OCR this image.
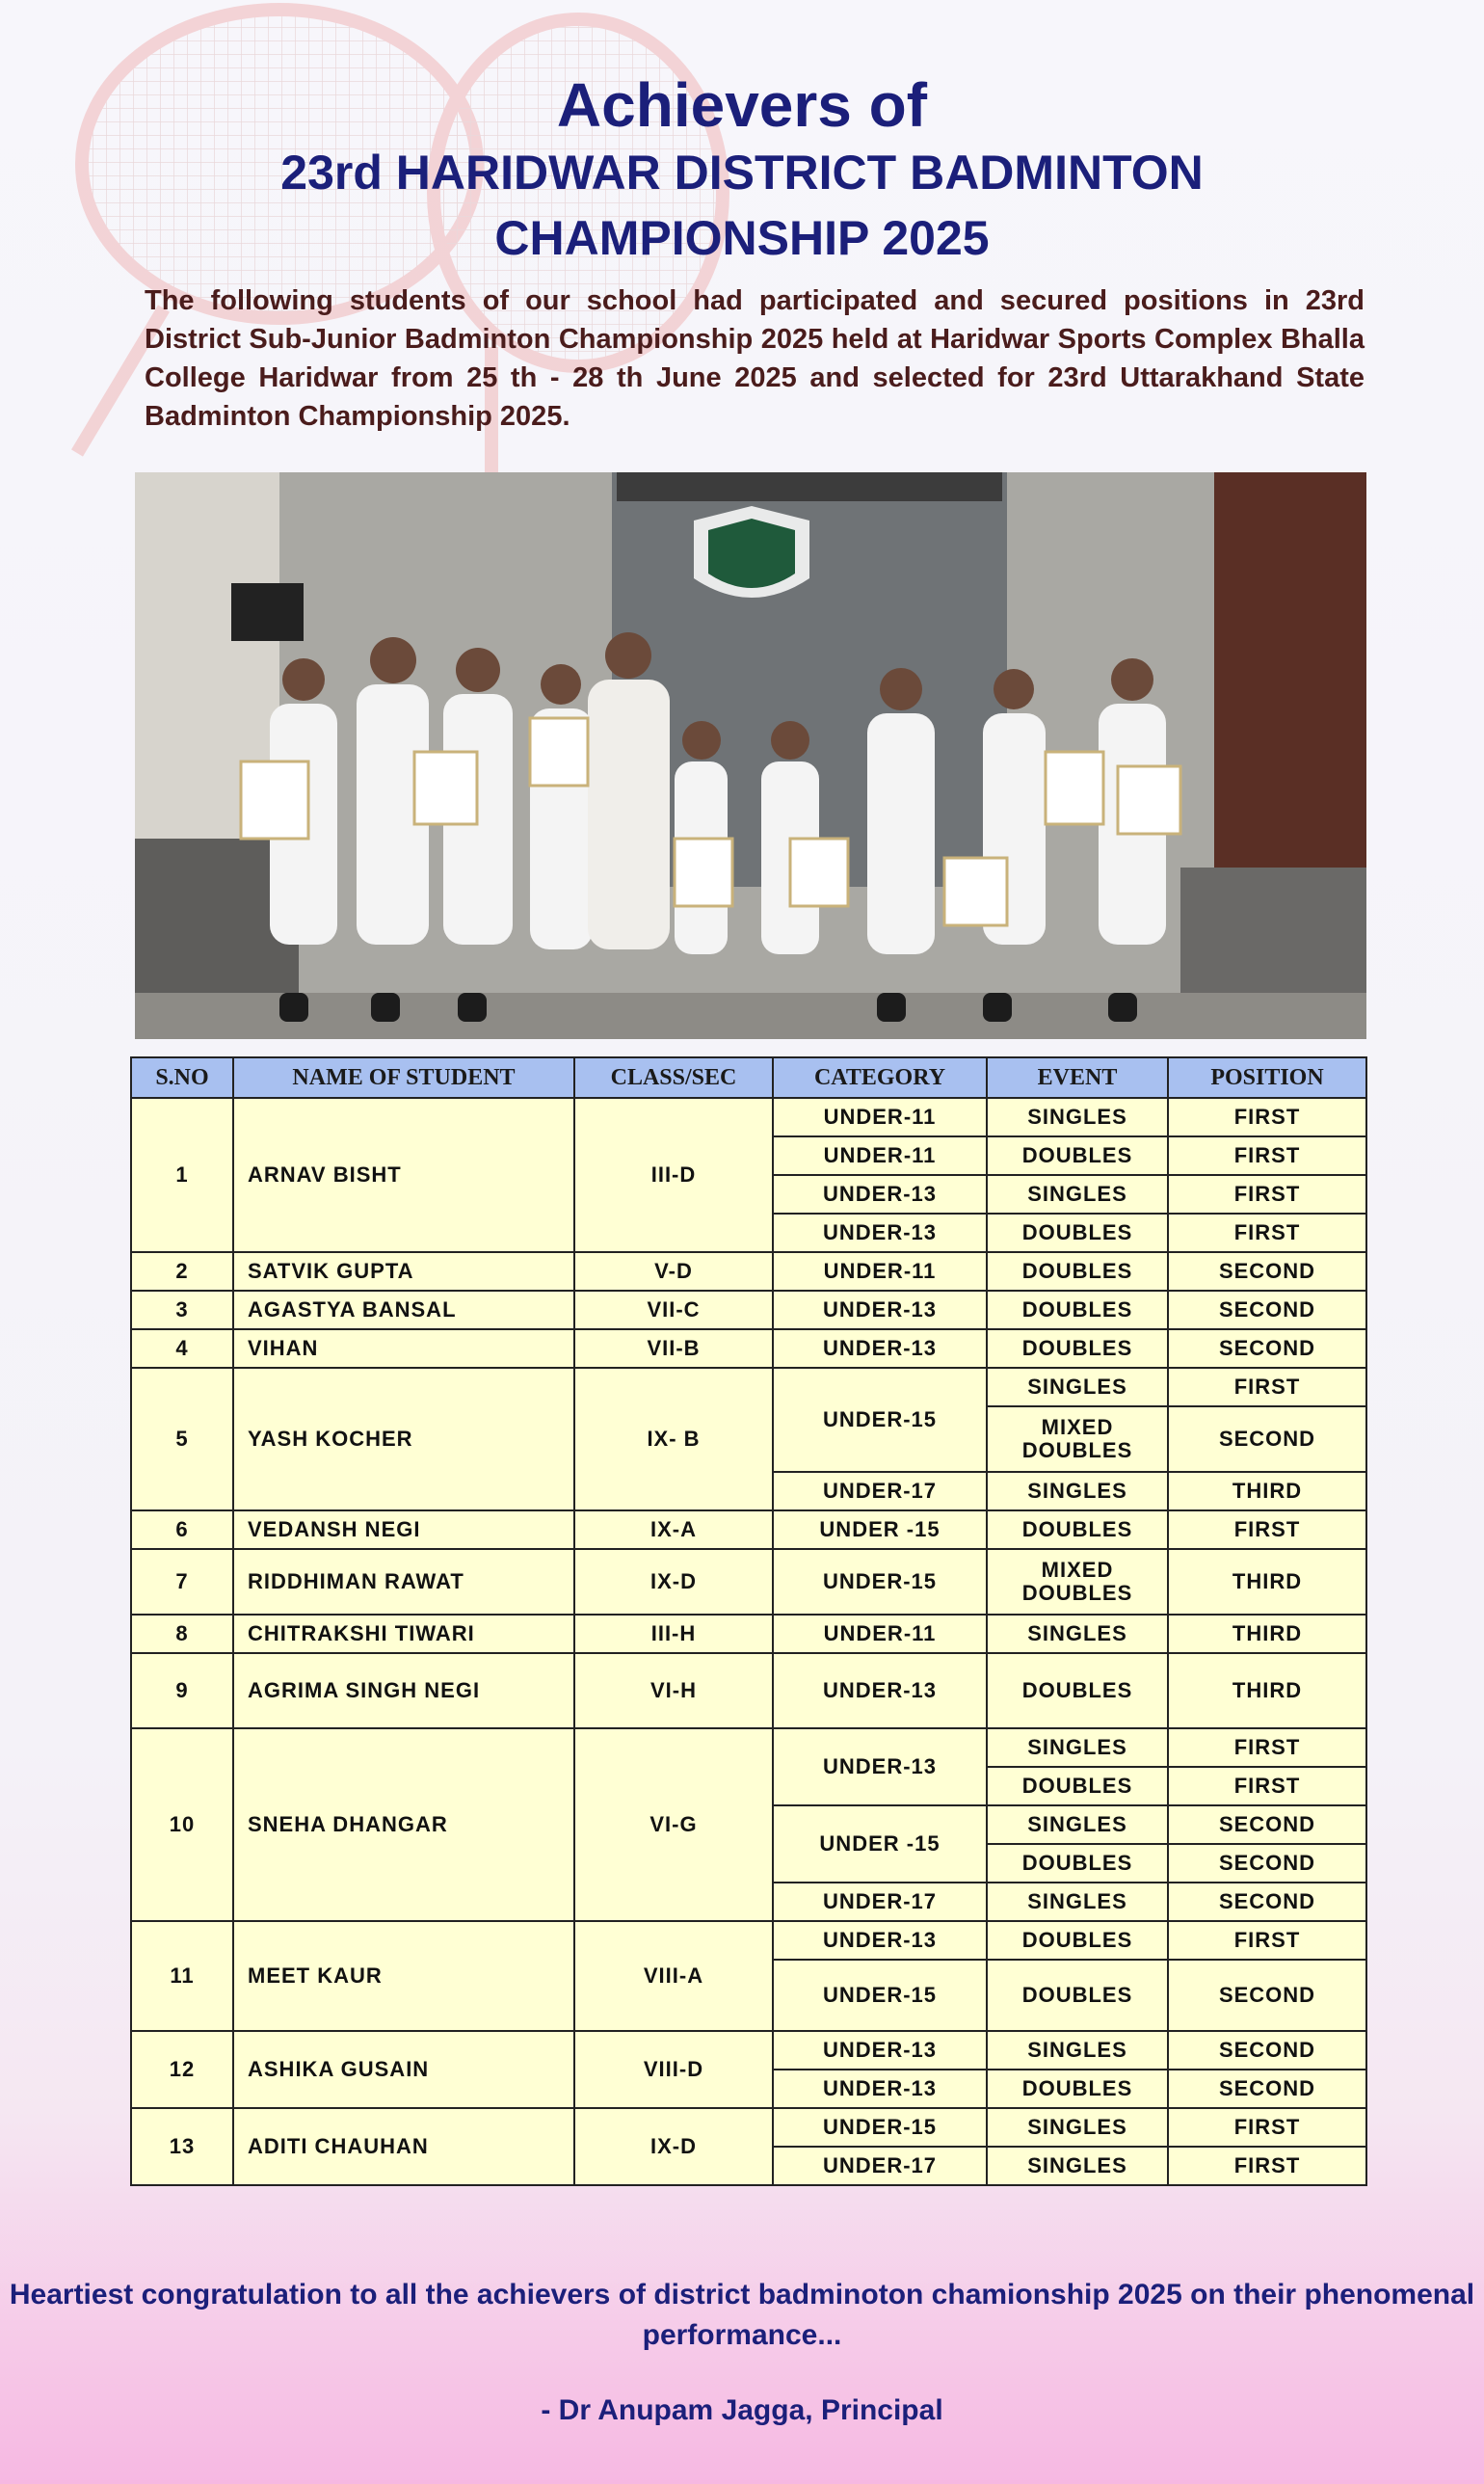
Achievers of
23rd HARIDWAR DISTRICT BADMINTON
CHAMPIONSHIP 2025

The following students of our school had participated and secured positions in 23rd District Sub-Junior Badminton Championship 2025 held at Haridwar Sports Complex Bhalla College Haridwar from 25 th - 28 th June 2025 and selected for 23rd Uttarakhand State Badminton Championship 2025.

S.NO	NAME OF STUDENT	CLASS/SEC	CATEGORY	EVENT	POSITION
1	ARNAV BISHT	III-D	UNDER-11	SINGLES	FIRST
			UNDER-11	DOUBLES	FIRST
			UNDER-13	SINGLES	FIRST
			UNDER-13	DOUBLES	FIRST
2	SATVIK GUPTA	V-D	UNDER-11	DOUBLES	SECOND
3	AGASTYA BANSAL	VII-C	UNDER-13	DOUBLES	SECOND
4	VIHAN	VII-B	UNDER-13	DOUBLES	SECOND
5	YASH KOCHER	IX- B	UNDER-15	SINGLES	FIRST
				MIXED DOUBLES	SECOND
			UNDER-17	SINGLES	THIRD
6	VEDANSH NEGI	IX-A	UNDER -15	DOUBLES	FIRST
7	RIDDHIMAN RAWAT	IX-D	UNDER-15	MIXED DOUBLES	THIRD
8	CHITRAKSHI TIWARI	III-H	UNDER-11	SINGLES	THIRD
9	AGRIMA SINGH NEGI	VI-H	UNDER-13	DOUBLES	THIRD
10	SNEHA DHANGAR	VI-G	UNDER-13	SINGLES	FIRST
				DOUBLES	FIRST
			UNDER -15	SINGLES	SECOND
				DOUBLES	SECOND
			UNDER-17	SINGLES	SECOND
11	MEET KAUR	VIII-A	UNDER-13	DOUBLES	FIRST
			UNDER-15	DOUBLES	SECOND
12	ASHIKA GUSAIN	VIII-D	UNDER-13	SINGLES	SECOND
			UNDER-13	DOUBLES	SECOND
13	ADITI CHAUHAN	IX-D	UNDER-15	SINGLES	FIRST
			UNDER-17	SINGLES	FIRST

Heartiest congratulation to all the achievers of district badminoton chamionship 2025 on their phenomenal performance...

- Dr Anupam Jagga, Principal
